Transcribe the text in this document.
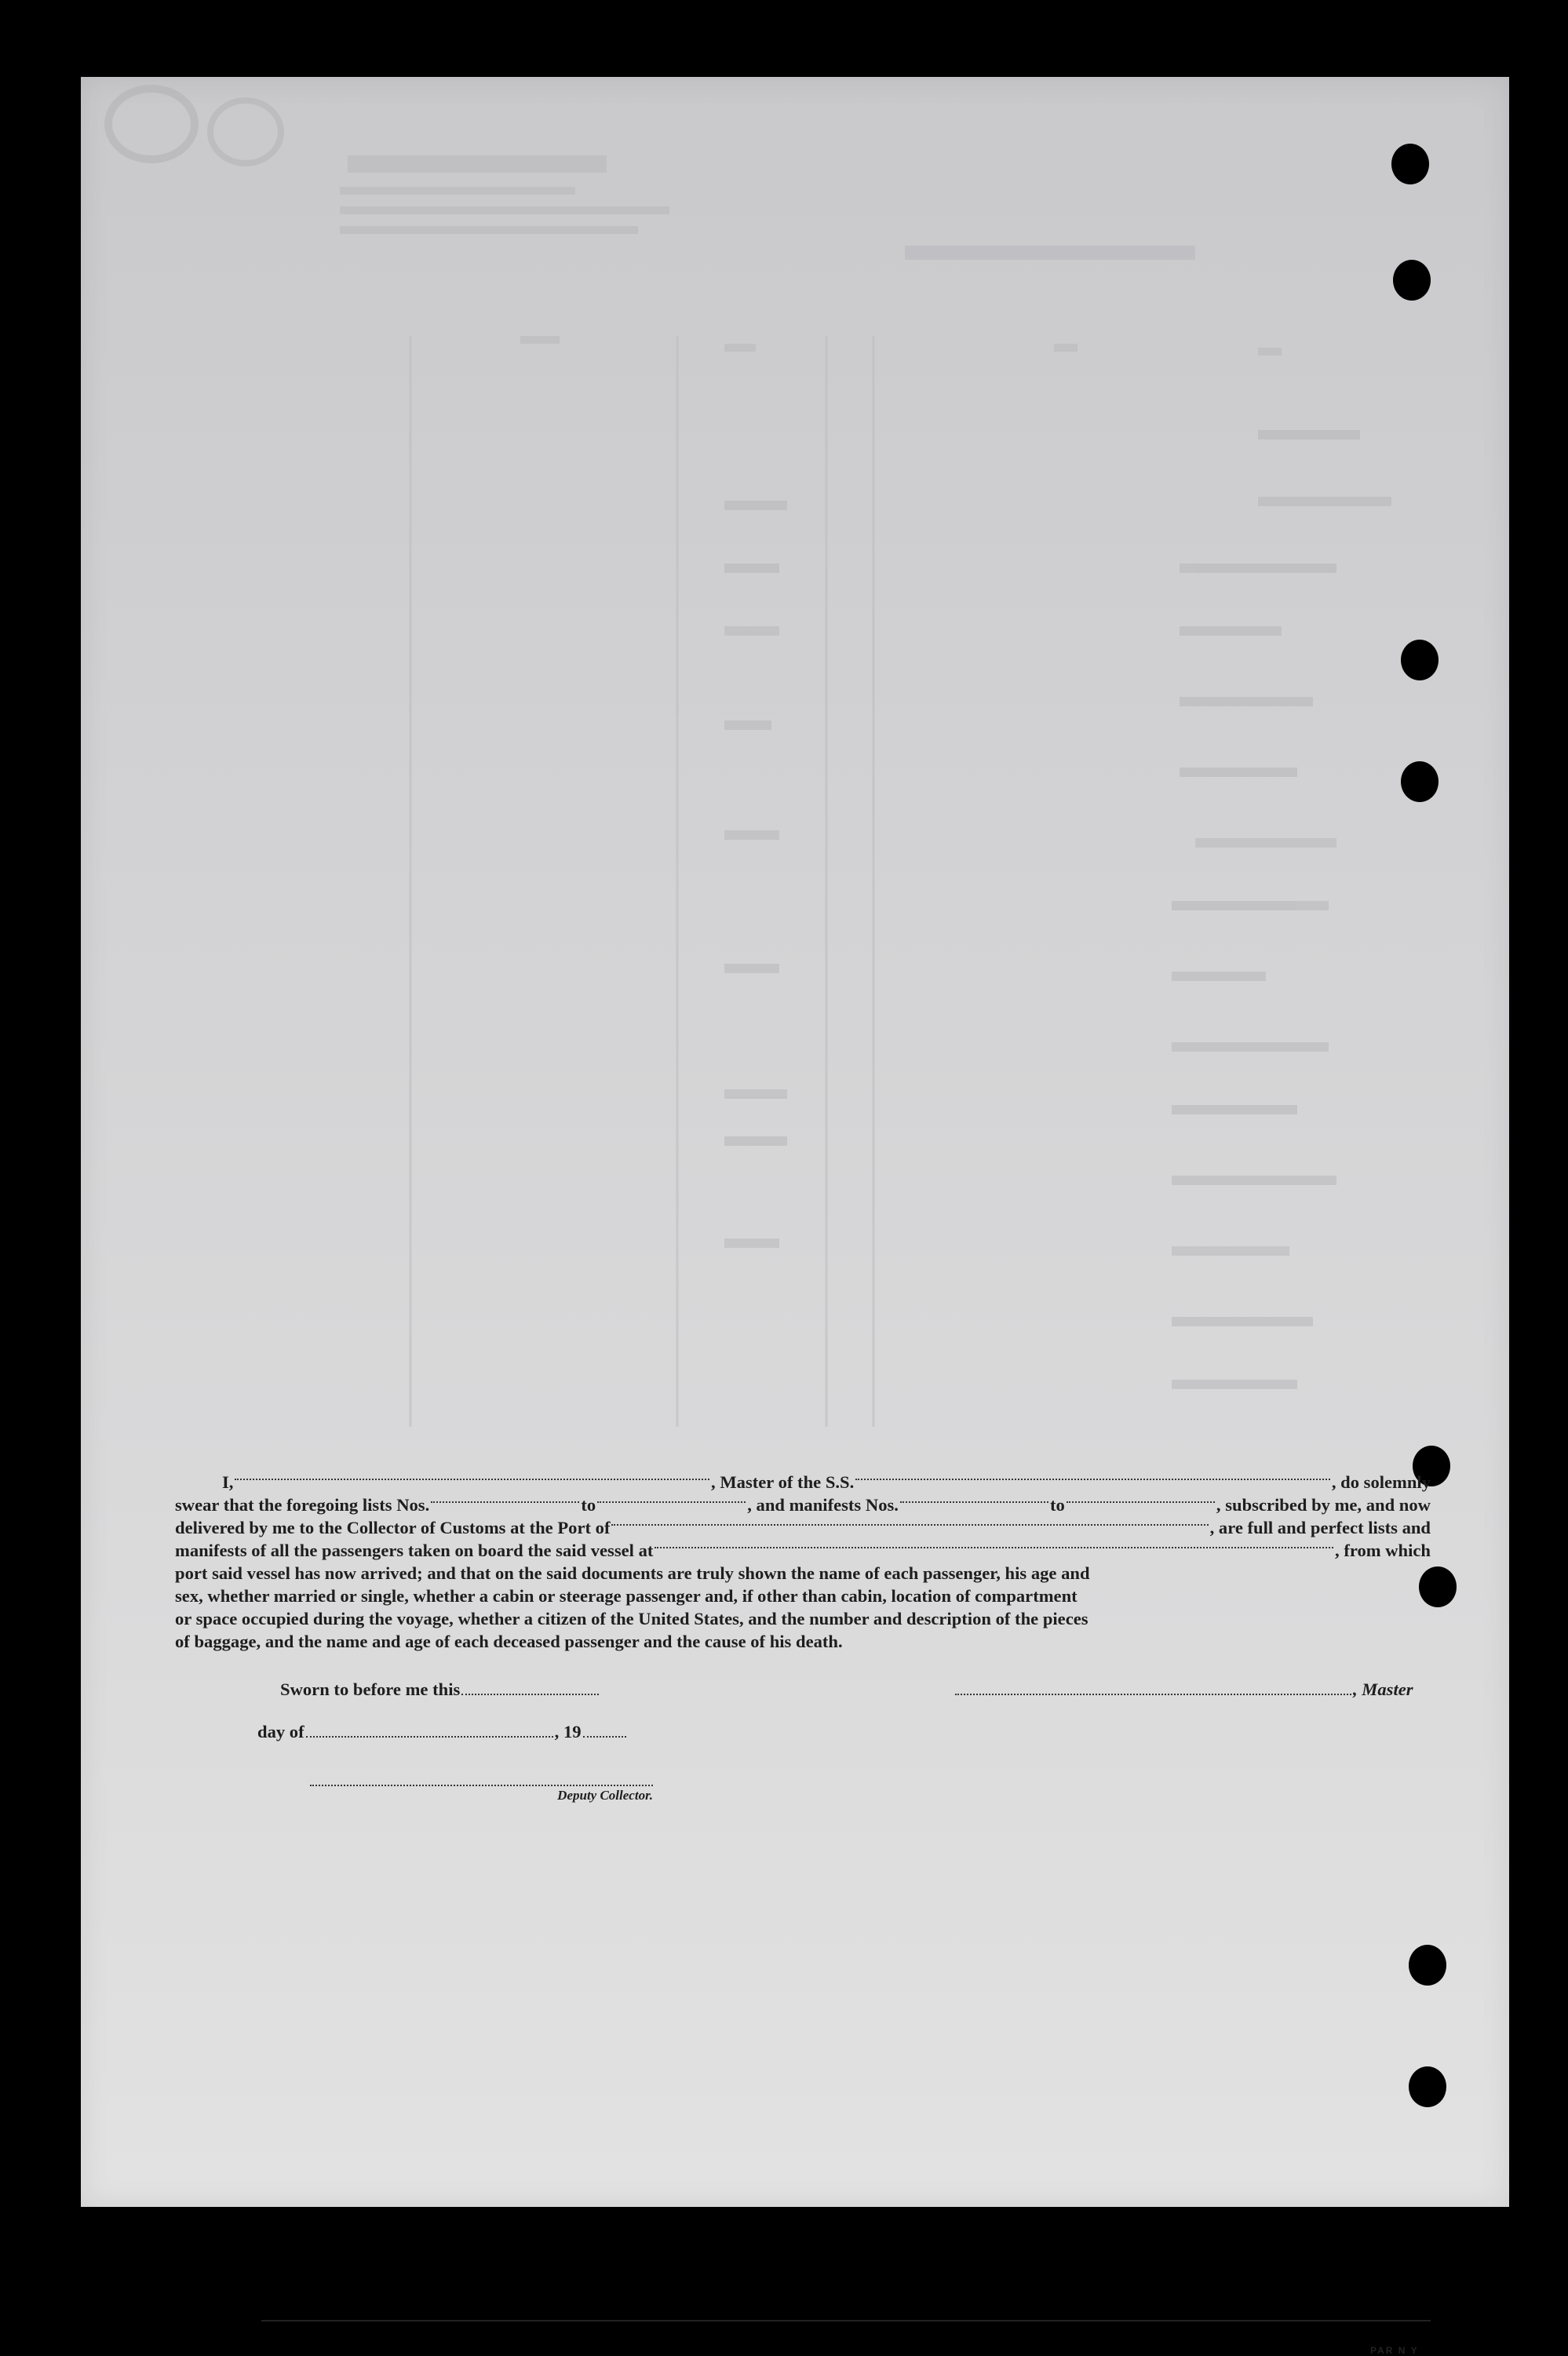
I,	, Master of the S.S.	, do solemnly
swear that the foregoing lists Nos.	to	, and manifests Nos.	to	, subscribed by me, and now
delivered by me to the Collector of Customs at the Port of	, are full and perfect lists and
manifests of all the passengers taken on board the said vessel at	, from which
port said vessel has now arrived; and that on the said documents are truly shown the name of each passenger, his age and
sex, whether married or single, whether a cabin or steerage passenger and, if other than cabin, location of compartment
or space occupied during the voyage, whether a citizen of the United States, and the number and description of the pieces
of baggage, and the name and age of each deceased passenger and the cause of his death.
Sworn to before me this	, Master
day of	, 19
Deputy Collector.
PAR N Y
